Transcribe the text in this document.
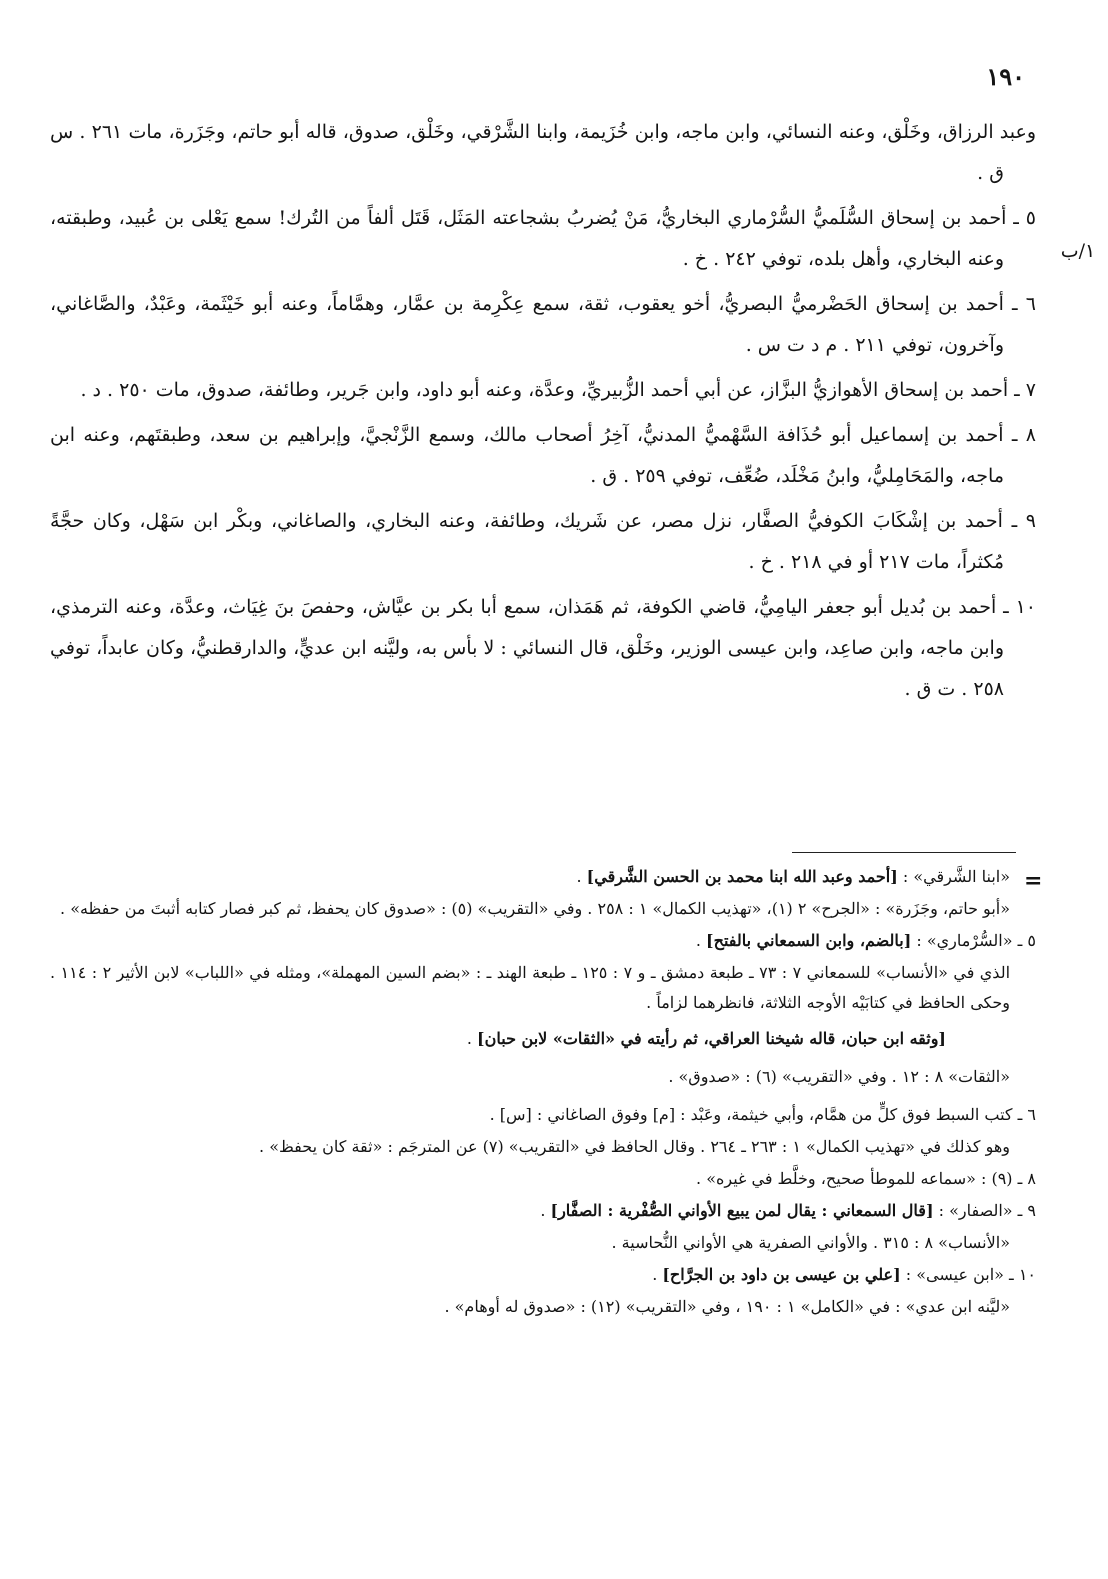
١٩٠
١/ب

وعبد الرزاق، وخَلْق، وعنه النسائي، وابن ماجه، وابن خُزَيمة، وابنا الشَّرْقي، وخَلْق، صدوق، قاله أبو حاتم، وجَزَرة، مات ٢٦١ . س ق .

٥ ـ أحمد بن إسحاق السُّلَميُّ السُّرْماري البخاريُّ، مَنْ يُضربُ بشجاعته المَثَل، قَتَل ألفاً من التُرك! سمع يَعْلى بن عُبيد، وطبقته، وعنه البخاري، وأهل بلده، توفي ٢٤٢ . خ .

٦ ـ أحمد بن إسحاق الحَضْرميُّ البصريُّ، أخو يعقوب، ثقة، سمع عِكْرِمة بن عمَّار، وهمَّاماً، وعنه أبو خَيْثَمة، وعَبْدٌ، والصَّاغاني، وآخرون، توفي ٢١١ . م د ت س .

٧ ـ أحمد بن إسحاق الأهوازيُّ البزَّاز، عن أبي أحمد الزُّبيريِّ، وعدَّة، وعنه أبو داود، وابن جَرير، وطائفة، صدوق، مات ٢٥٠ . د .

٨ ـ أحمد بن إسماعيل أبو حُذَافة السَّهْميُّ المدنيُّ، آخِرُ أصحاب مالك، وسمع الزَّنْجيَّ، وإبراهيم بن سعد، وطبقتَهم، وعنه ابن ماجه، والمَحَامِليُّ، وابنُ مَخْلَد، ضُعِّف، توفي ٢٥٩ . ق .

٩ ـ أحمد بن إشْكَابَ الكوفيُّ الصفَّار، نزل مصر، عن شَريك، وطائفة، وعنه البخاري، والصاغاني، وبكْر ابن سَهْل، وكان حجَّةً مُكثراً، مات ٢١٧ أو في ٢١٨ . خ .

١٠ ـ أحمد بن بُديل أبو جعفر اليامِيُّ، قاضي الكوفة، ثم هَمَذان، سمع أبا بكر بن عيَّاش، وحفصَ بنَ غِيَاث، وعدَّة، وعنه الترمذي، وابن ماجه، وابن صاعِد، وابن عيسى الوزير، وخَلْق، قال النسائي : لا بأس به، وليَّنه ابن عديٍّ، والدارقطنيُّ، وكان عابداً، توفي ٢٥٨ . ت ق .

=

«ابنا الشَّرقي» : [أحمد وعبد الله ابنا محمد بن الحسن الشَّرقي] .

«أبو حاتم، وجَزَرة» : «الجرح» ٢ (١)، «تهذيب الكمال» ١ : ٢٥٨ . وفي «التقريب» (٥) : «صدوق كان يحفظ، ثم كبر فصار كتابه أثبتَ من حفظه» .

٥ ـ «السُّرْماري» : [بالضم، وابن السمعاني بالفتح] .

الذي في «الأنساب» للسمعاني ٧ : ٧٣ ـ طبعة دمشق ـ و ٧ : ١٢٥ ـ طبعة الهند ـ : «بضم السين المهملة»، ومثله في «اللباب» لابن الأثير ٢ : ١١٤ . وحكى الحافظ في كتابَيْه الأوجه الثلاثة، فانظرهما لزاماً .

[وثقه ابن حبان، قاله شيخنا العراقي، ثم رأيته في «الثقات» لابن حبان] .

«الثقات» ٨ : ١٢ . وفي «التقريب» (٦) : «صدوق» .

٦ ـ كتب السبط فوق كلٍّ من همَّام، وأبي خيثمة، وعَبْد : [م] وفوق الصاغاني : [س] .

وهو كذلك في «تهذيب الكمال» ١ : ٢٦٣ ـ ٢٦٤ . وقال الحافظ في «التقريب» (٧) عن المترجَم : «ثقة كان يحفظ» .

٨ ـ (٩) : «سماعه للموطأ صحيح، وخلَّط في غيره» .

٩ ـ «الصفار» : [قال السمعاني : يقال لمن يبيع الأواني الصُّفْرية : الصفَّار] .

«الأنساب» ٨ : ٣١٥ . والأواني الصفرية هي الأواني النُّحاسية .

١٠ ـ «ابن عيسى» : [علي بن عيسى بن داود بن الجرَّاح] .

«ليَّنه ابن عدي» : في «الكامل» ١ : ١٩٠ ، وفي «التقريب» (١٢) : «صدوق له أوهام» .
